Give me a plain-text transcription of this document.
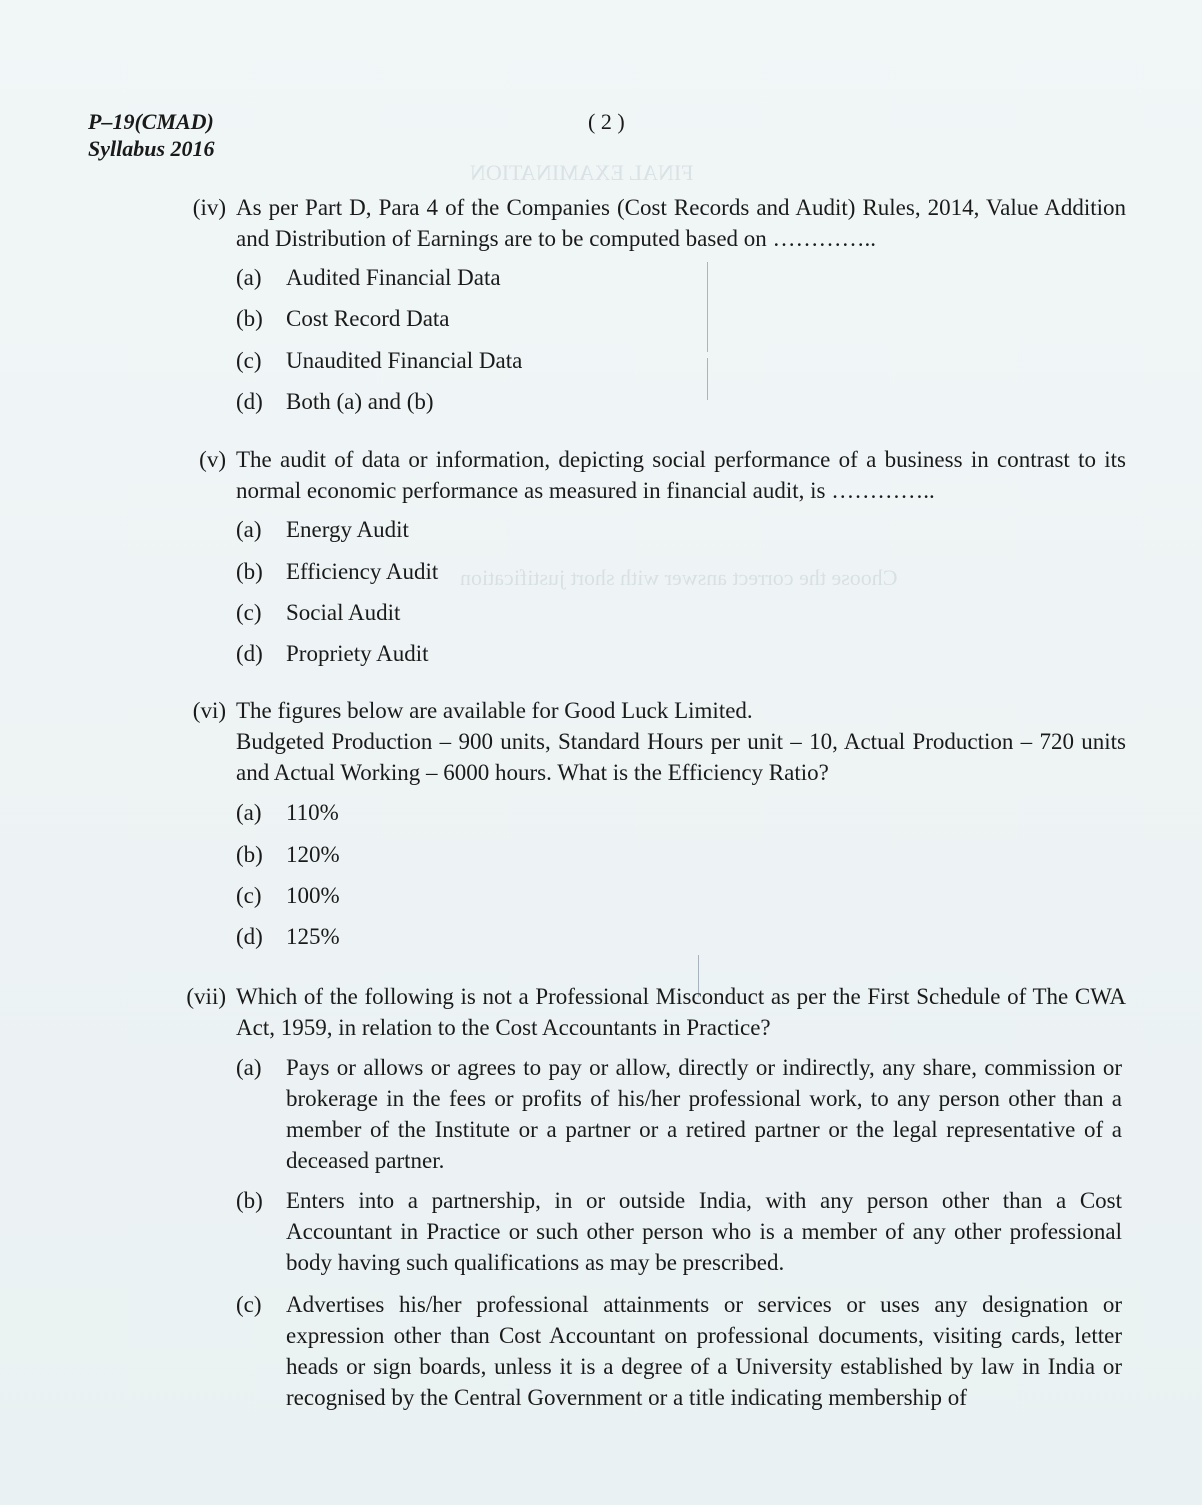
FINAL EXAMINATION
Choose the correct answer with short justification
P–19(CMAD)
Syllabus 2016
( 2 )
(iv) As per Part D, Para 4 of the Companies (Cost Records and Audit) Rules, 2014, Value Addition and Distribution of Earnings are to be computed based on …………..
(a) Audited Financial Data
(b) Cost Record Data
(c) Unaudited Financial Data
(d) Both (a) and (b)
(v) The audit of data or information, depicting social performance of a business in contrast to its normal economic performance as measured in financial audit, is …………..
(a) Energy Audit
(b) Efficiency Audit
(c) Social Audit
(d) Propriety Audit
(vi) The figures below are available for Good Luck Limited.
Budgeted Production – 900 units, Standard Hours per unit – 10, Actual Production – 720 units and Actual Working – 6000 hours. What is the Efficiency Ratio?
(a) 110%
(b) 120%
(c) 100%
(d) 125%
(vii) Which of the following is not a Professional Misconduct as per the First Schedule of The CWA Act, 1959, in relation to the Cost Accountants in Practice?
(a) Pays or allows or agrees to pay or allow, directly or indirectly, any share, commission or brokerage in the fees or profits of his/her professional work, to any person other than a member of the Institute or a partner or a retired partner or the legal representative of a deceased partner.
(b) Enters into a partnership, in or outside India, with any person other than a Cost Accountant in Practice or such other person who is a member of any other professional body having such qualifications as may be prescribed.
(c) Advertises his/her professional attainments or services or uses any designation or expression other than Cost Accountant on professional documents, visiting cards, letter heads or sign boards, unless it is a degree of a University established by law in India or recognised by the Central Government or a title indicating membership of
